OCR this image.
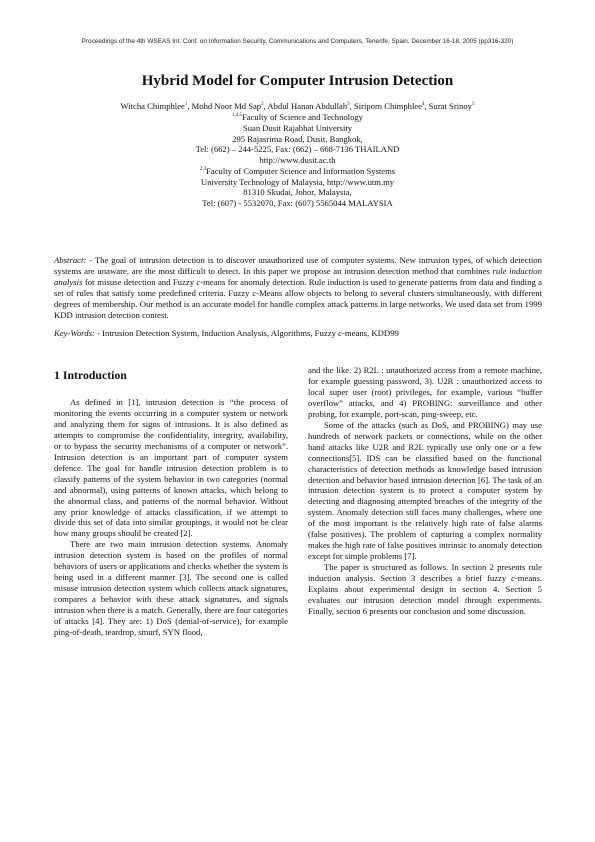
Proceedings of the 4th WSEAS Int. Conf. on Information Security, Communications and Computers, Tenerife, Spain, December 16-18, 2005 (pp316-320)
Hybrid Model for Computer Intrusion Detection
Witcha Chimphlee$^1$, Mohd Noor Md Sap$^2$, Abdul Hanan Abdullah$^3$, Siriporn Chimphlee$^4$, Surat Srinoy$^5$

$^{1,4,5}$Faculty of Science and Technology

Suan Dusit Rajabhat University

295 Rajasrima Road, Dusit, Bangkok,

Tel: (662) – 244-5225, Fax: (662) – 668-7136 THAILAND

http://www.dusit.ac.th

$^{2,3}$Faculty of Computer Science and Information Systems

University Technology of Malaysia, http://www.utm.my

81310 Skudai, Johor, Malaysia,

Tel: (607) - 5532070, Fax: (607) 5565044 MALAYSIA

Abstract: - The goal of intrusion detection is to discover unauthorized use of computer systems. New intrusion types, of which detection systems are unaware, are the most difficult to detect. In this paper we propose an intrusion detection method that combines rule induction analysis for misuse detection and Fuzzy c-means for anomaly detection. Rule induction is used to generate patterns from data and finding a set of rules that satisfy some predefined criteria. Fuzzy c-Means allow objects to belong to several clusters simultaneously, with different degrees of membership. Our method is an accurate model for handle complex attack patterns in large networks. We used data set from 1999 KDD intrusion detection contest.

Key-Words: - Intrusion Detection System, Induction Analysis, Algorithms, Fuzzy c-means, KDD99

1 Introduction

As defined in [1], intrusion detection is “the process of monitoring the events occurring in a computer system or network and analyzing them for signs of intrusions. It is also defined as attempts to compromise the confidentiality, integrity, availability, or to bypass the security mechanisms of a computer or network”. Intrusion detection is an important part of computer system defence. The goal for handle intrusion detection problem is to classify patterns of the system behavior in two categories (normal and abnormal), using patterns of known attacks, which belong to the abnormal class, and patterns of the normal behavior. Without any prior knowledge of attacks classification, if we attempt to divide this set of data into similar groupings, it would not be clear how many groups should be created [2].

There are two main intrusion detection systems. Anomaly intrusion detection system is based on the profiles of normal behaviors of users or applications and checks whether the system is being used in a different manner [3]. The second one is called misuse intrusion detection system which collects attack signatures, compares a behavior with these attack signatures, and signals intrusion when there is a match. Generally, there are four categories of attacks [4]. They are: 1) DoS (denial-of-service), for example ping-of-death, teardrop, smurf, SYN flood,

and the like. 2) R2L : unauthorized access from a remote machine, for example guessing password, 3). U2R : unauthorized access to local super user (root) privileges, for example, various “buffer overflow” attacks, and 4) PROBING: surveillance and other probing, for example, port-scan, ping-sweep, etc.

Some of the attacks (such as DoS, and PROBING) may use hundreds of network packets or connections, while on the other hand attacks like U2R and R2L typically use only one or a few connections[5]. IDS can be classified based on the functional characteristics of detection methods as knowledge based intrusion detection and behavior based intrusion detection [6]. The task of an intrusion detection system is to protect a computer system by detecting and diagnosing attempted breaches of the integrity of the system. Anomaly detection still faces many challenges, where one of the most important is the relatively high rate of false alarms (false positives). The problem of capturing a complex normality makes the high rate of false positives intrinsic to anomaly detection except for simple problems [7].

The paper is structured as follows. In section 2 presents rule induction analysis. Section 3 describes a brief fuzzy c-means. Explains about experimental design in section 4. Section 5 evaluates our intrusion detection model through experiments. Finally, section 6 presents our conclusion and some discussion.
